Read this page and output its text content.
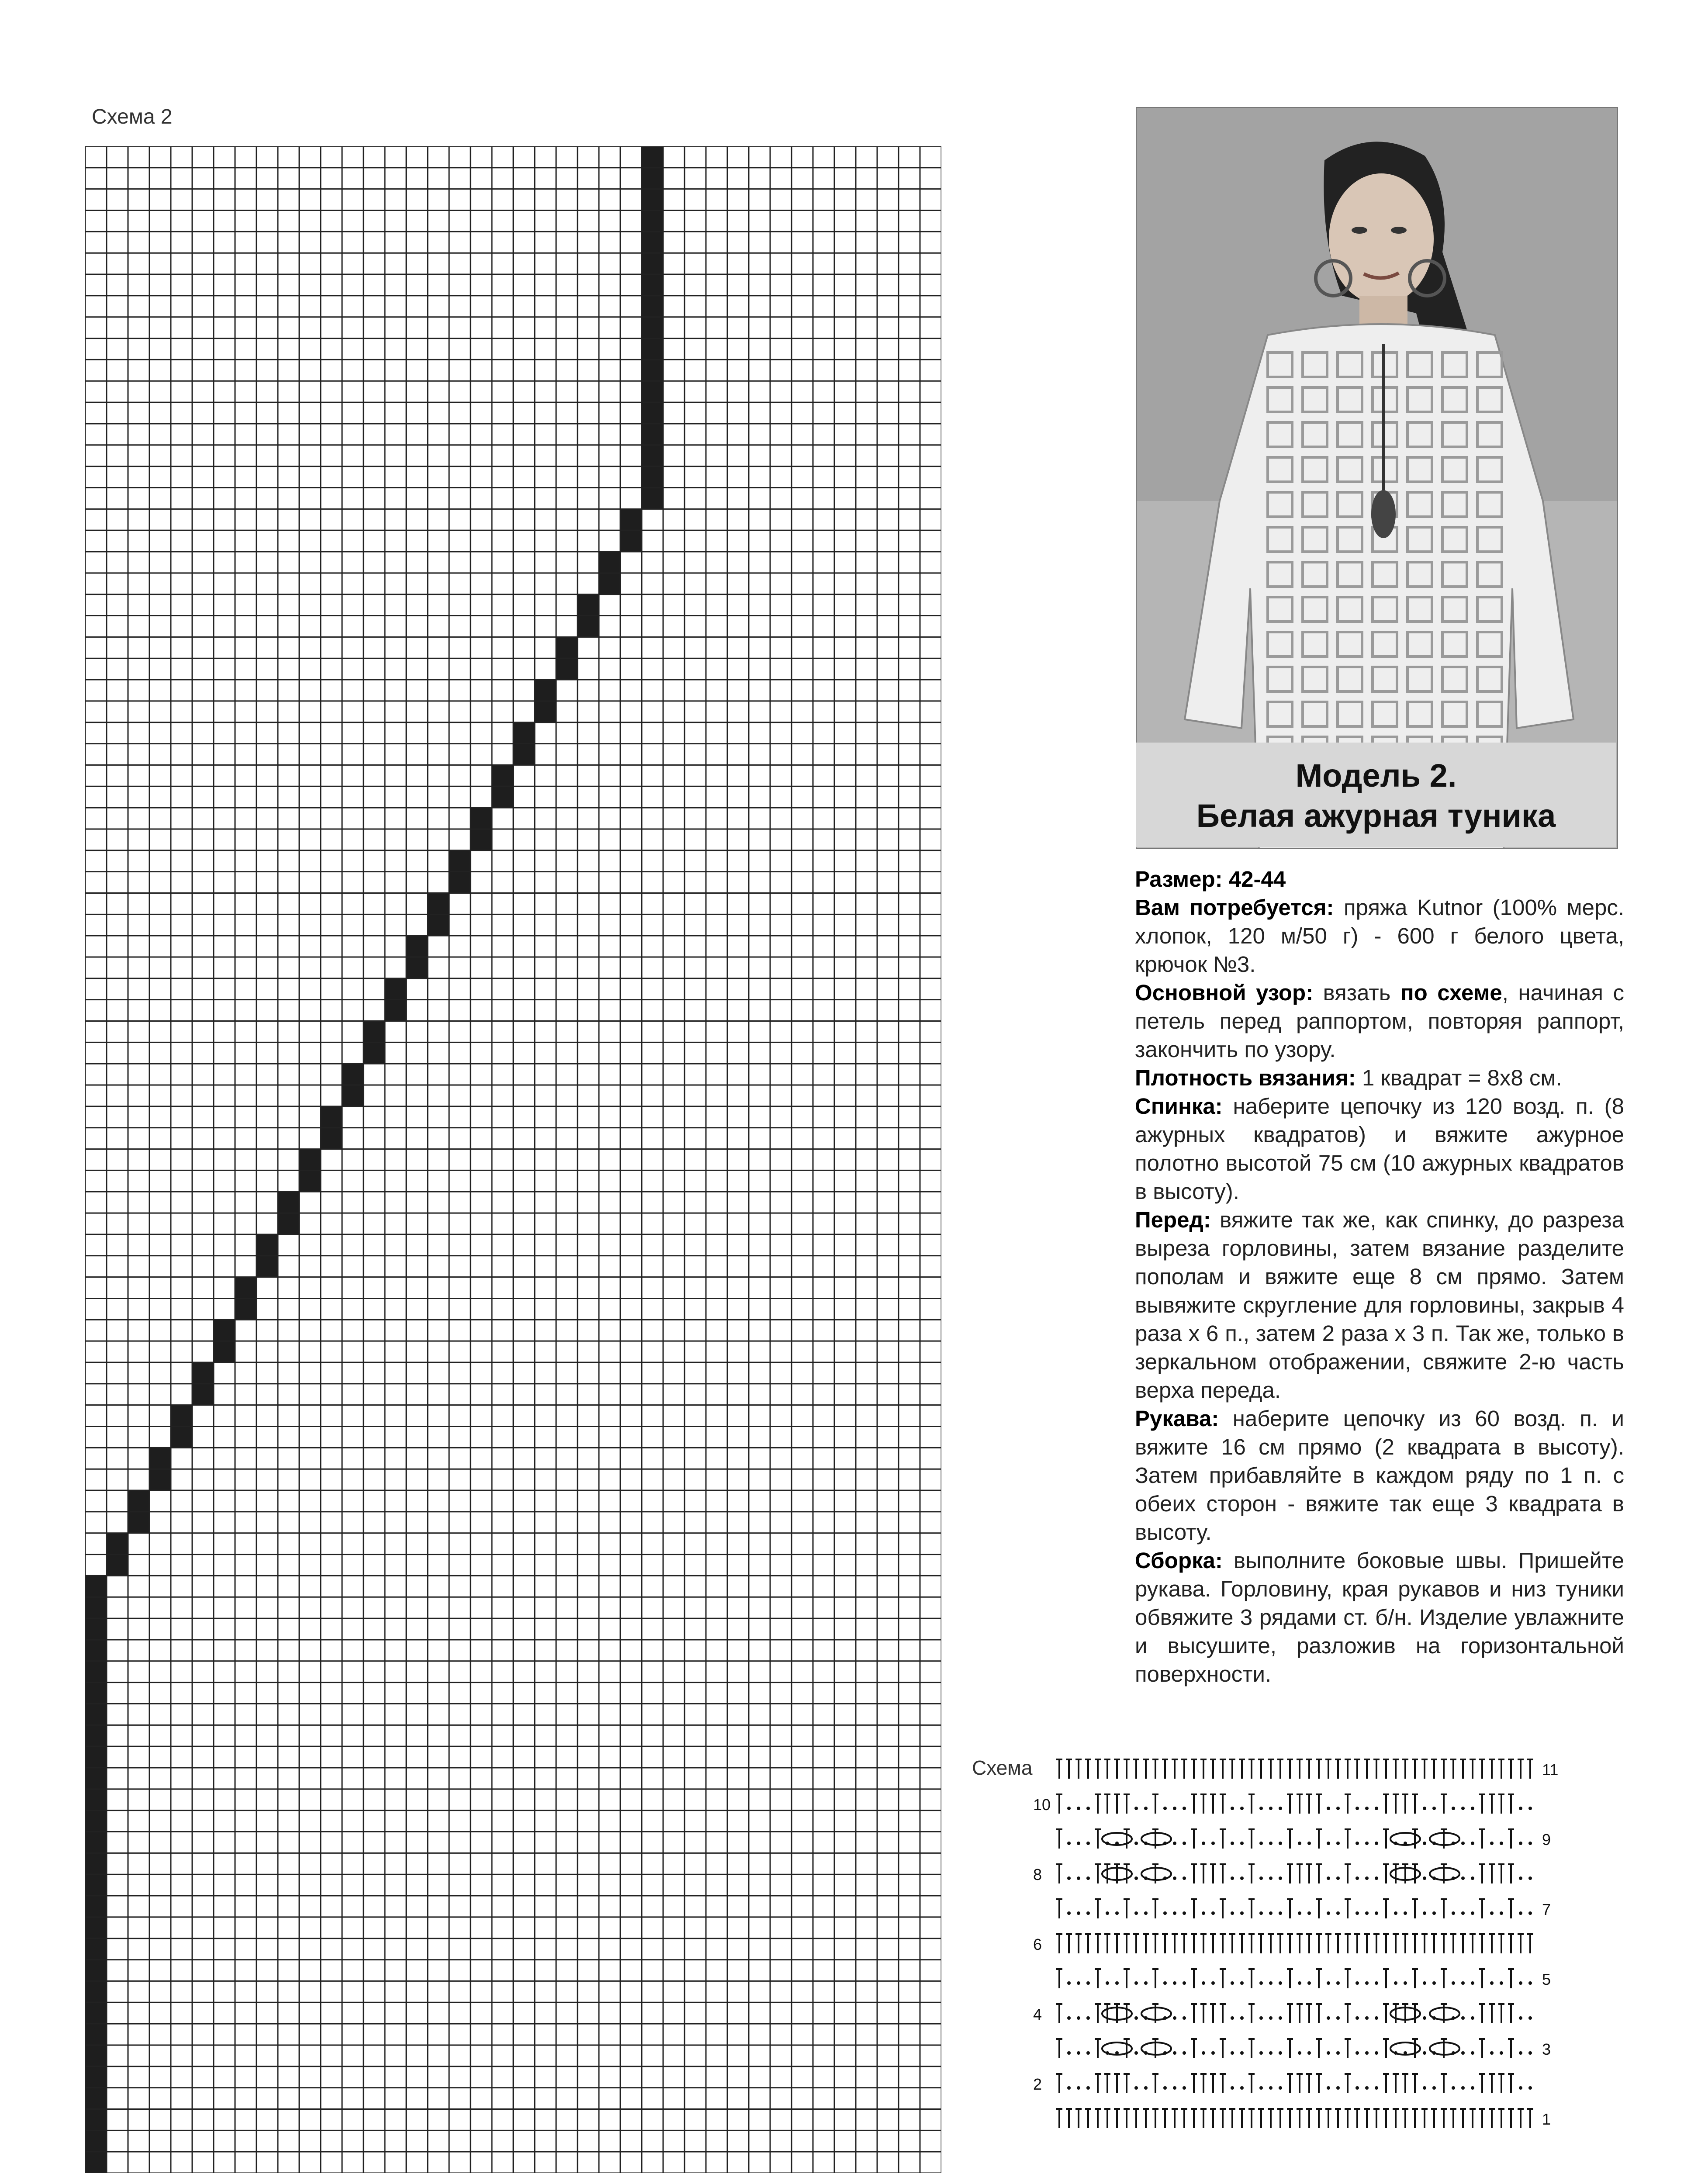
Схема 2
Модель 2.
Белая ажурная туника

Размер: 42-44

Вам потребуется: пряжа Kutnor (100% мерс. хлопок, 120 м/50 г) - 600 г белого цвета, крючок №3.

Основной узор: вязать по схеме, начиная с петель перед раппортом, повторяя раппорт, закончить по узору.

Плотность вязания: 1 квадрат = 8x8 см.

Спинка: наберите цепочку из 120 возд. п. (8 ажурных квадратов) и вяжите ажурное полотно высотой 75 см (10 ажурных квадратов в высоту).

Перед: вяжите так же, как спинку, до разреза выреза горловины, затем вязание разделите пополам и вяжите еще 8 см прямо. Затем вывяжите скругление для горловины, закрыв 4 раза x 6 п., затем 2 раза x 3 п. Так же, только в зеркальном отображении, свяжите 2-ю часть верха переда.

Рукава: наберите цепочку из 60 возд. п. и вяжите 16 см прямо (2 квадрата в высоту). Затем прибавляйте в каждом ряду по 1 п. с обеих сторон - вяжите так еще 3 квадрата в высоту.

Сборка: выполните боковые швы. Пришейте рукава. Горловину, края рукавов и низ туники обвяжите 3 рядами ст. б/н. Изделие увлажните и высушите, разложив на горизонтальной поверхности.

Схема	11
9
7
5
3
1
10
8
6
4
2
